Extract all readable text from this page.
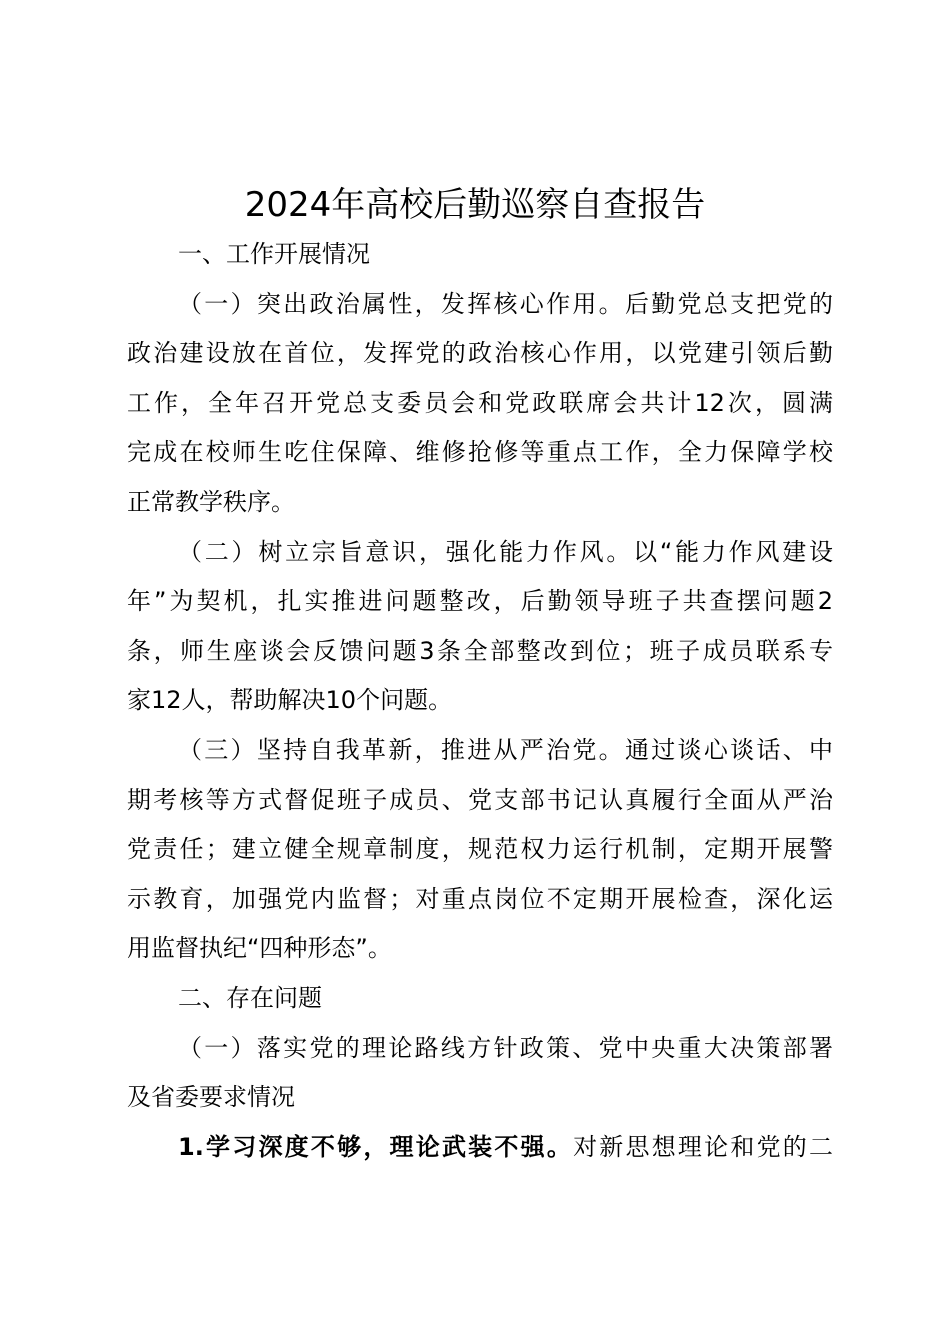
2024年高校后勤巡察自查报告

一、工作开展情况

（一）突出政治属性，发挥核心作用。后勤党总支把党的

政治建设放在首位，发挥党的政治核心作用，以党建引领后勤

工作，全年召开党总支委员会和党政联席会共计12次，圆满

完成在校师生吃住保障、维修抢修等重点工作，全力保障学校

正常教学秩序。

（二）树立宗旨意识，强化能力作风。以“能力作风建设

年”为契机，扎实推进问题整改，后勤领导班子共查摆问题2

条，师生座谈会反馈问题3条全部整改到位；班子成员联系专

家12人，帮助解决10个问题。

（三）坚持自我革新，推进从严治党。通过谈心谈话、中

期考核等方式督促班子成员、党支部书记认真履行全面从严治

党责任；建立健全规章制度，规范权力运行机制，定期开展警

示教育，加强党内监督；对重点岗位不定期开展检查，深化运

用监督执纪“四种形态”。

二、存在问题

（一）落实党的理论路线方针政策、党中央重大决策部署

及省委要求情况

1.学习深度不够，理论武装不强。对新思想理论和党的二
